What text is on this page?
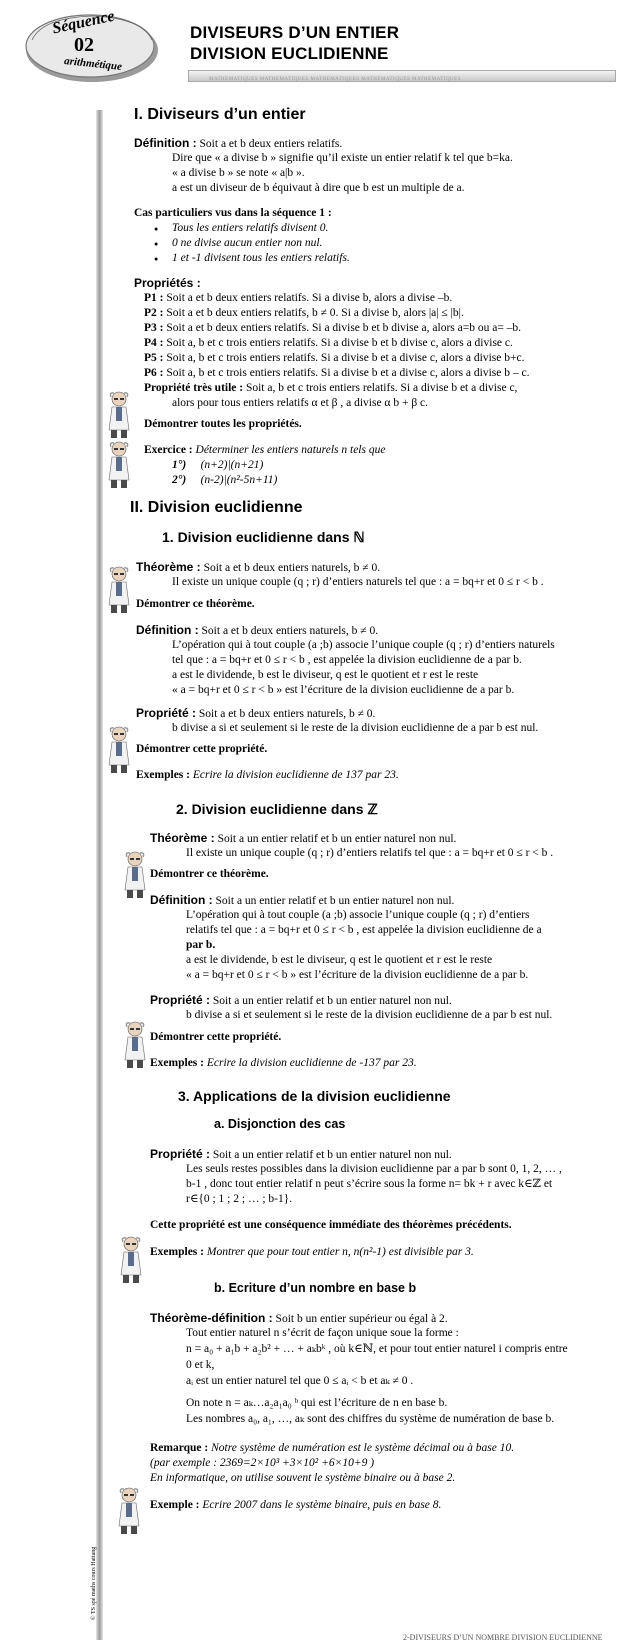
Séquence
02
arithmétique
DIVISEURS D’UN ENTIER
DIVISION EUCLIDIENNE
MATHEMATIQUES MATHEMATIQUES MATHEMATIQUES MATHEMATIQUES MATHEMATIQUES
© TS spé maths cours Hattang
I. Diviseurs d’un entier
Définition : Soit a et b deux entiers relatifs.
Dire que « a divise b » signifie qu’il existe un entier relatif k tel que b=ka.
« a divise b » se note « a|b ».
a est un diviseur de b équivaut à dire que b est un multiple de a.
Cas particuliers vus dans la séquence 1 :
● Tous les entiers relatifs divisent 0.
● 0 ne divise aucun entier non nul.
● 1 et -1 divisent tous les entiers relatifs.
Propriétés :
P1 : Soit a et b deux entiers relatifs. Si a divise b, alors a divise –b.
P2 : Soit a et b deux entiers relatifs, b ≠ 0. Si a divise b, alors |a| ≤ |b|.
P3 : Soit a et b deux entiers relatifs. Si a divise b et b divise a, alors a=b ou a= –b.
P4 : Soit a, b et c trois entiers relatifs. Si a divise b et b divise c, alors a divise c.
P5 : Soit a, b et c trois entiers relatifs. Si a divise b et a divise c, alors a divise b+c.
P6 : Soit a, b et c trois entiers relatifs. Si a divise b et a divise c, alors a divise b – c.
Propriété très utile : Soit a, b et c trois entiers relatifs. Si a divise b et a divise c,
alors pour tous entiers relatifs α et β , a divise α b + β c.
Démontrer toutes les propriétés.
Exercice : Déterminer les entiers naturels n tels que
1°) (n+2)|(n+21)
2°) (n-2)|(n²-5n+11)
II. Division euclidienne
1. Division euclidienne dans ℕ
Théorème : Soit a et b deux entiers naturels, b ≠ 0.
Il existe un unique couple (q ; r) d’entiers naturels tel que : a = bq+r et 0 ≤ r < b .
Démontrer ce théorème.
Définition : Soit a et b deux entiers naturels, b ≠ 0.
L’opération qui à tout couple (a ;b) associe l’unique couple (q ; r) d’entiers naturels
tel que : a = bq+r et 0 ≤ r < b , est appelée la division euclidienne de a par b.
a est le dividende, b est le diviseur, q est le quotient et r est le reste
« a = bq+r et 0 ≤ r < b » est l’écriture de la division euclidienne de a par b.
Propriété : Soit a et b deux entiers naturels, b ≠ 0.
b divise a si et seulement si le reste de la division euclidienne de a par b est nul.
Démontrer cette propriété.
Exemples : Ecrire la division euclidienne de 137 par 23.
2. Division euclidienne dans ℤ
Théorème : Soit a un entier relatif et b un entier naturel non nul.
Il existe un unique couple (q ; r) d’entiers relatifs tel que : a = bq+r et 0 ≤ r < b .
Démontrer ce théorème.
Définition : Soit a un entier relatif et b un entier naturel non nul.
L’opération qui à tout couple (a ;b) associe l’unique couple (q ; r) d’entiers
relatifs tel que : a = bq+r et 0 ≤ r < b , est appelée la division euclidienne de a
par b.
a est le dividende, b est le diviseur, q est le quotient et r est le reste
« a = bq+r et 0 ≤ r < b » est l’écriture de la division euclidienne de a par b.
Propriété : Soit a un entier relatif et b un entier naturel non nul.
b divise a si et seulement si le reste de la division euclidienne de a par b est nul.
Démontrer cette propriété.
Exemples : Ecrire la division euclidienne de -137 par 23.
3. Applications de la division euclidienne
a. Disjonction des cas
Propriété : Soit a un entier relatif et b un entier naturel non nul.
Les seuls restes possibles dans la division euclidienne par a par b sont 0, 1, 2, … ,
b-1 , donc tout entier relatif n peut s’écrire sous la forme n= bk + r avec k∈ℤ et
r∈{0 ; 1 ; 2 ; … ; b-1}.
Cette propriété est une conséquence immédiate des théorèmes précédents.
Exemples : Montrer que pour tout entier n, n(n²-1) est divisible par 3.
b. Ecriture d’un nombre en base b
Théorème-définition : Soit b un entier supérieur ou égal à 2.
Tout entier naturel n s’écrit de façon unique soue la forme :
n = a₀ + a₁b + a₂b² + … + aₖbᵏ , où k∈ℕ, et pour tout entier naturel i compris entre
0 et k,
aᵢ est un entier naturel tel que 0 ≤ aᵢ < b et aₖ ≠ 0 .
On note n = aₖ…a₂a₁a₀ ᵇ qui est l’écriture de n en base b.
Les nombres a₀, a₁, …, aₖ sont des chiffres du système de numération de base b.
Remarque : Notre système de numération est le système décimal ou à base 10.
(par exemple : 2369=2×10³ +3×10² +6×10+9 )
En informatique, on utilise souvent le système binaire ou à base 2.
Exemple : Ecrire 2007 dans le système binaire, puis en base 8.
2-DIVISEURS D’UN NOMBRE DIVISION EUCLIDIENNE
